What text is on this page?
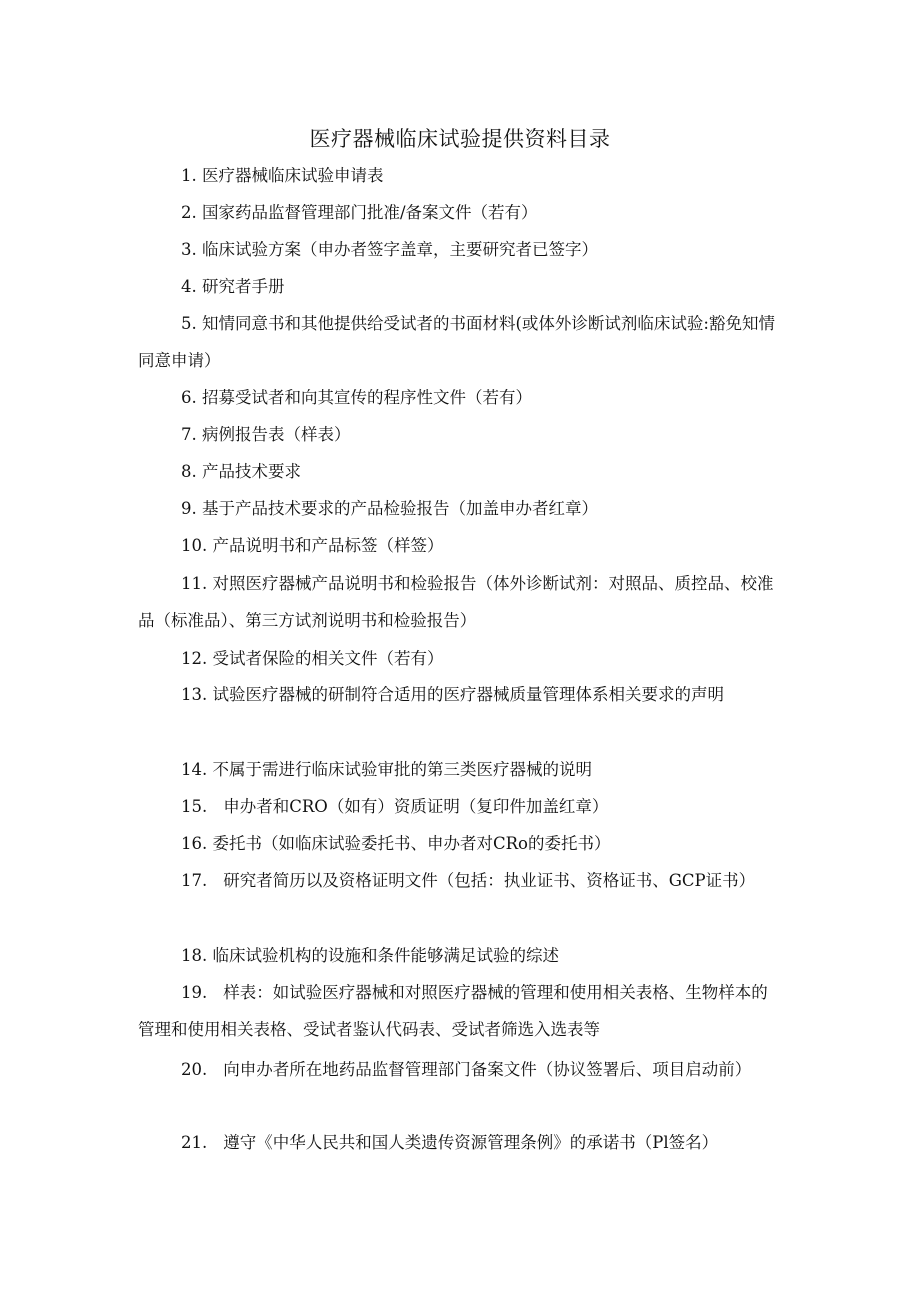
医疗器械临床试验提供资料目录

1. 医疗器械临床试验申请表

2. 国家药品监督管理部门批准/备案文件（若有）

3. 临床试验方案（申办者签字盖章，主要研究者已签字）

4. 研究者手册

5. 知情同意书和其他提供给受试者的书面材料(或体外诊断试剂临床试验:豁免知情同意申请）

6. 招募受试者和向其宣传的程序性文件（若有）

7. 病例报告表（样表）

8. 产品技术要求

9. 基于产品技术要求的产品检验报告（加盖申办者红章）

10. 产品说明书和产品标签（样签）

11. 对照医疗器械产品说明书和检验报告（体外诊断试剂：对照品、质控品、校准品（标准品）、第三方试剂说明书和检验报告）

12. 受试者保险的相关文件（若有）

13. 试验医疗器械的研制符合适用的医疗器械质量管理体系相关要求的声明

14. 不属于需进行临床试验审批的第三类医疗器械的说明

15. 申办者和CRO（如有）资质证明（复印件加盖红章）

16. 委托书（如临床试验委托书、申办者对CRo的委托书）

17. 研究者简历以及资格证明文件（包括：执业证书、资格证书、GCP证书）

18. 临床试验机构的设施和条件能够满足试验的综述

19. 样表：如试验医疗器械和对照医疗器械的管理和使用相关表格、生物样本的管理和使用相关表格、受试者鉴认代码表、受试者筛选入选表等

20. 向申办者所在地药品监督管理部门备案文件（协议签署后、项目启动前）

21. 遵守《中华人民共和国人类遗传资源管理条例》的承诺书（Pl签名）
